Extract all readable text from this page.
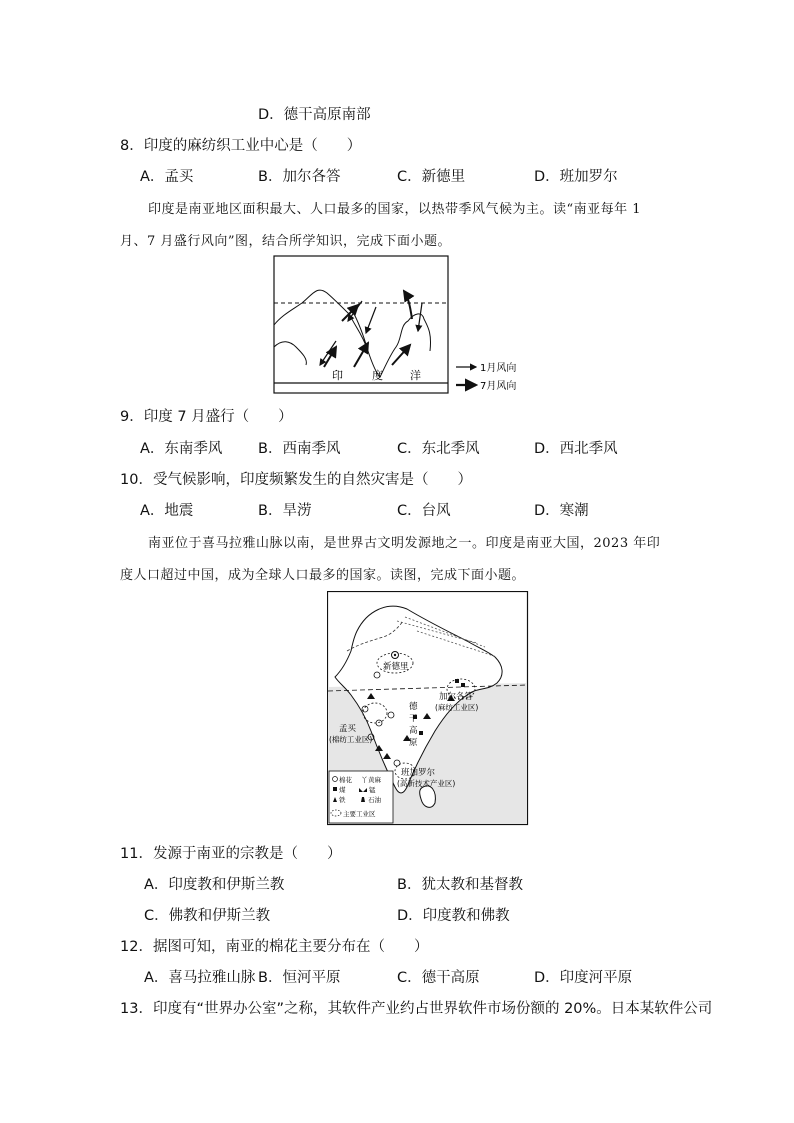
D．德干高原南部
8．印度的麻纺织工业中心是（　　）
A．孟买	B．加尔各答	C．新德里	D．班加罗尔
印度是南亚地区面积最大、人口最多的国家，以热带季风气候为主。读“南亚每年 1
月、7 月盛行风向”图，结合所学知识，完成下面小题。
印	度 洋
1月风向
7月风向
9．印度 7 月盛行（　　）
A．东南季风 B．西南季风	C．东北季风	D．西北季风
10．受气候影响，印度频繁发生的自然灾害是（　　）
A．地震	B．旱涝	C．台风	D．寒潮
南亚位于喜马拉雅山脉以南，是世界古文明发源地之一。印度是南亚大国，2023 年印
度人口超过中国，成为全球人口最多的国家。读图，完成下面小题。
新德里
加尔各答
(麻纺工业区)
孟买
(棉纺工业区)
班加罗尔
(高新技术产业区)
德
干
高
原
棉花 丫 黄麻
煤	锰
铁	石油
主要工业区
11．发源于南亚的宗教是（　　）
A．印度教和伊斯兰教	B．犹太教和基督教
C．佛教和伊斯兰教	D．印度教和佛教
12．据图可知，南亚的棉花主要分布在（　　）
A．喜马拉雅山脉 B．恒河平原	C．德干高原	D．印度河平原
13．印度有“世界办公室”之称，其软件产业约占世界软件市场份额的 20%。日本某软件公司
